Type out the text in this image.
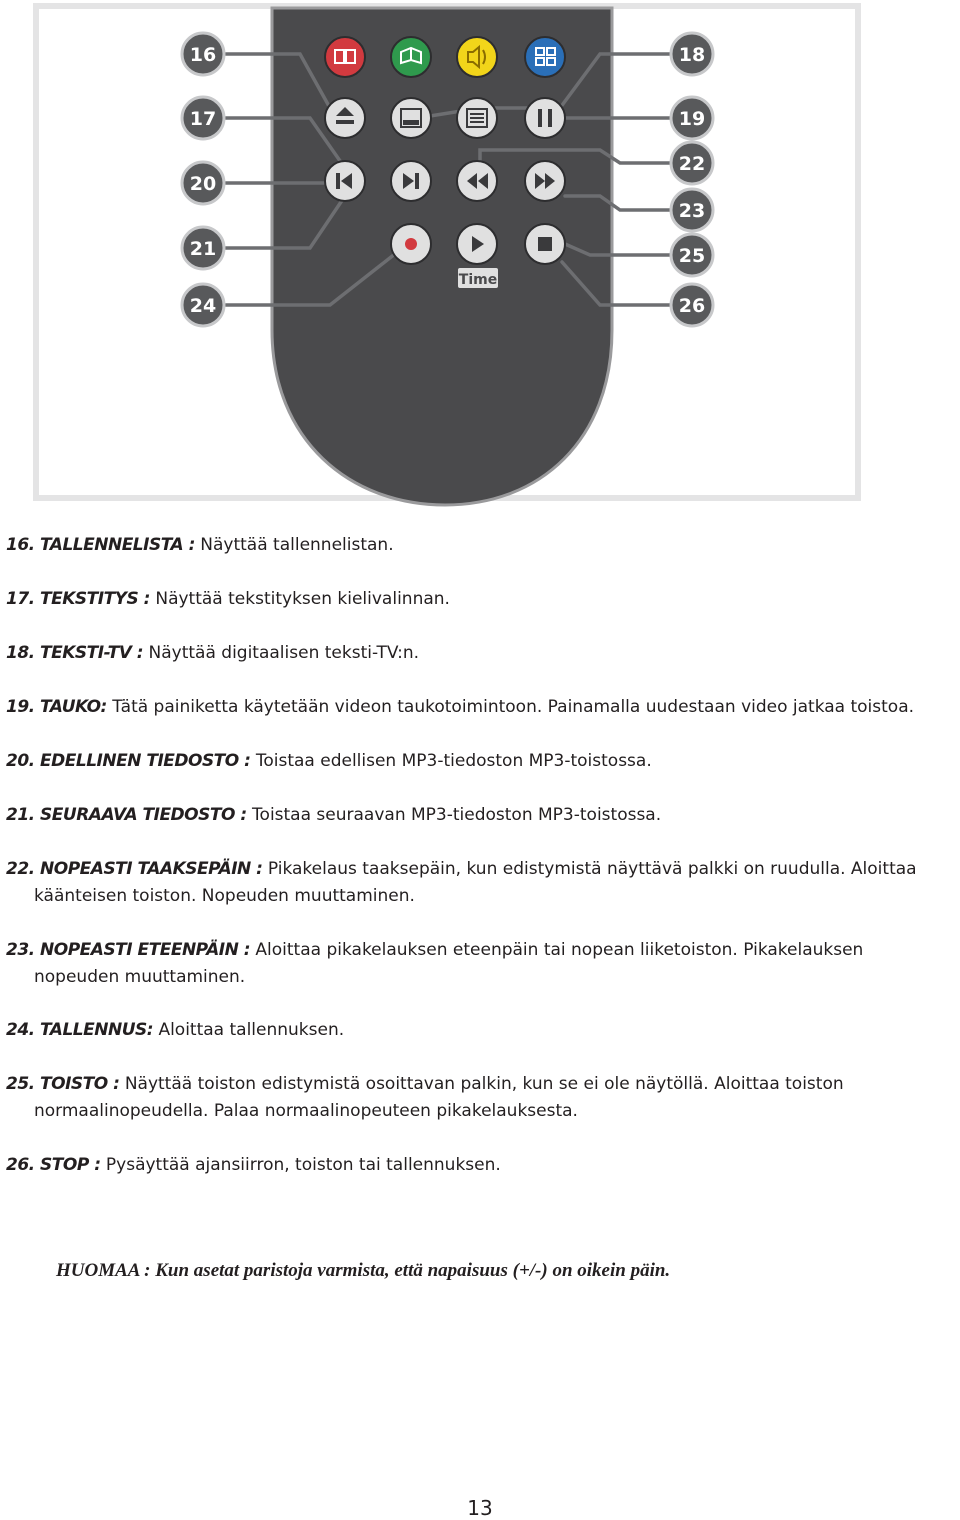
16
17
20
21
24
18
19
22
23
25
26
Time

16. TALLENNELISTA : Näyttää tallennelistan.

17. TEKSTITYS : Näyttää tekstityksen kielivalinnan.

18. TEKSTI-TV : Näyttää digitaalisen teksti-TV:n.

19. TAUKO: Tätä painiketta käytetään videon taukotoimintoon. Painamalla uudestaan video jatkaa toistoa.

20. EDELLINEN TIEDOSTO : Toistaa edellisen MP3-tiedoston MP3-toistossa.

21. SEURAAVA TIEDOSTO : Toistaa seuraavan MP3-tiedoston MP3-toistossa.

22. NOPEASTI TAAKSEPÄIN : Pikakelaus taaksepäin, kun edistymistä näyttävä palkki on ruudulla. Aloittaa
käänteisen toiston. Nopeuden muuttaminen.

23. NOPEASTI ETEENPÄIN : Aloittaa pikakelauksen eteenpäin tai nopean liiketoiston. Pikakelauksen
nopeuden muuttaminen.

24. TALLENNUS: Aloittaa tallennuksen.

25. TOISTO : Näyttää toiston edistymistä osoittavan palkin, kun se ei ole näytöllä. Aloittaa toiston
normaalinopeudella. Palaa normaalinopeuteen pikakelauksesta.

26. STOP : Pysäyttää ajansiirron, toiston tai tallennuksen.

HUOMAA : Kun asetat paristoja varmista, että napaisuus (+/-) on oikein päin.
13
